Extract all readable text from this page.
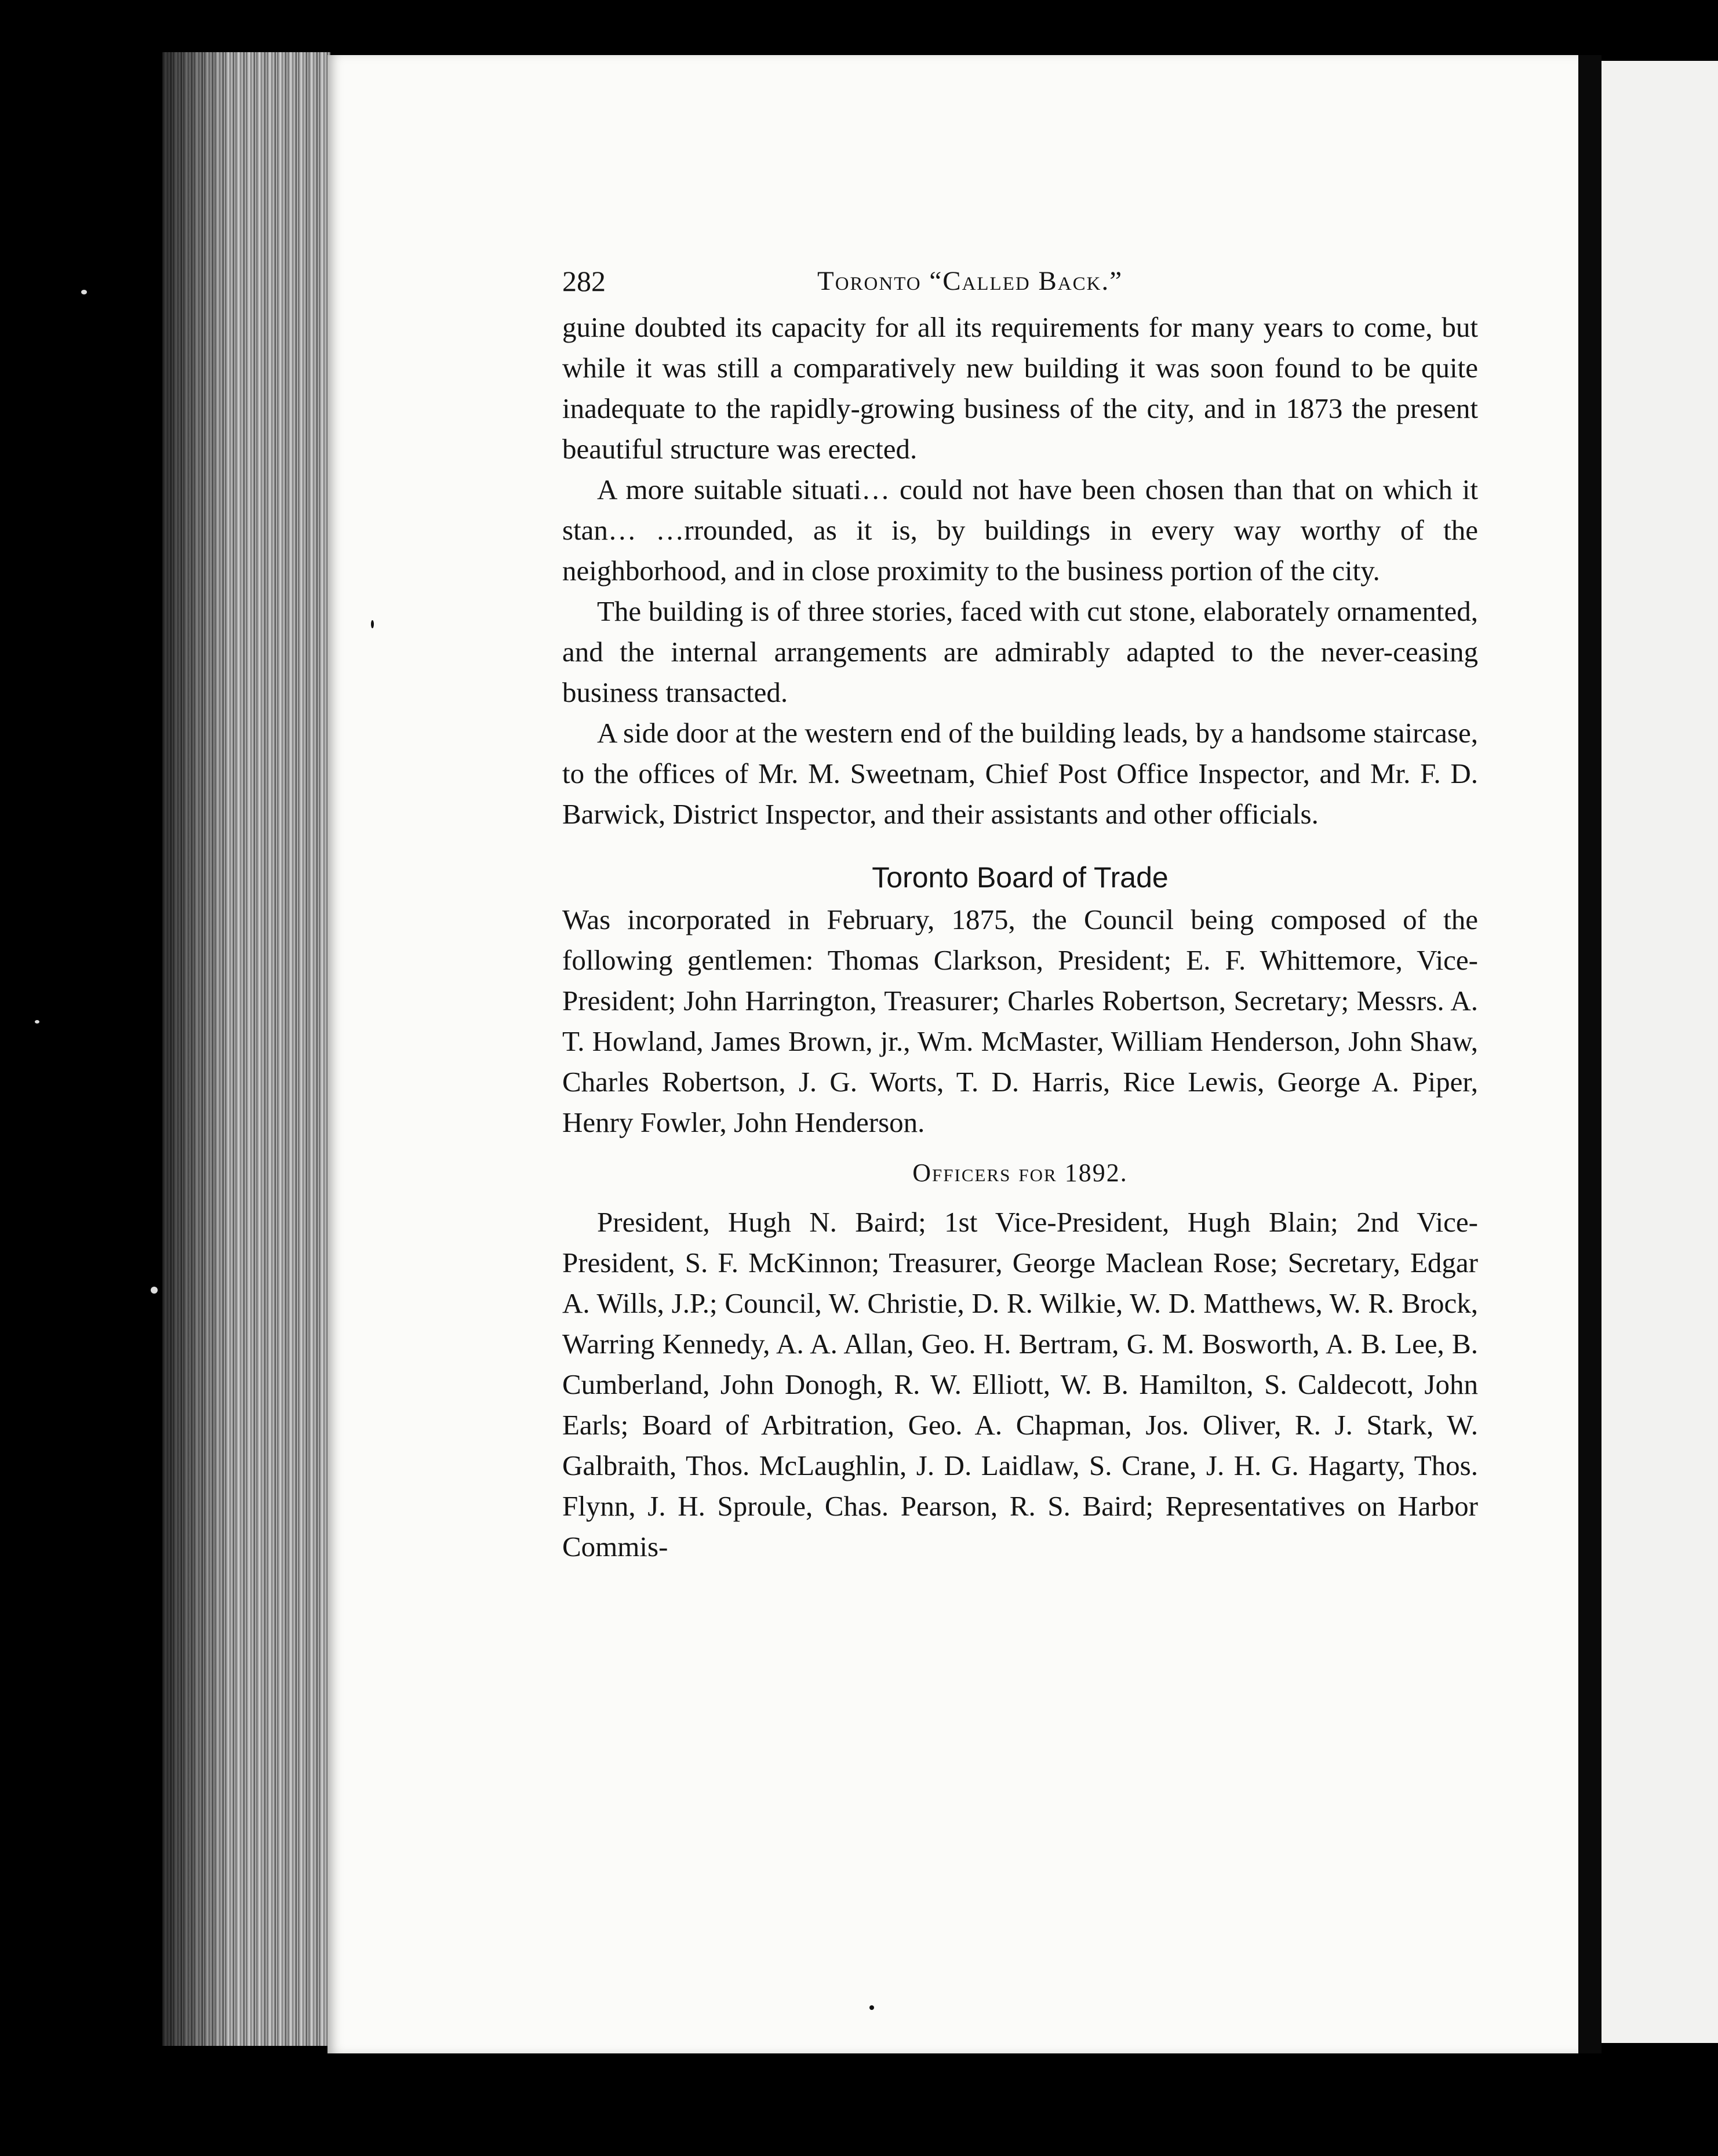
282	Toronto “Called Back.”

guine doubted its capacity for all its requirements for many years to come, but while it was still a comparatively new building it was soon found to be quite inadequate to the rapidly-growing business of the city, and in 1873 the present beautiful structure was erected.

A more suitable situati… could not have been chosen than that on which it stan… …rrounded, as it is, by buildings in every way worthy of the neighborhood, and in close proximity to the business portion of the city.

The building is of three stories, faced with cut stone, elaborately ornamented, and the internal arrangements are admirably adapted to the never-ceasing business transacted.

A side door at the western end of the building leads, by a handsome staircase, to the offices of Mr. M. Sweetnam, Chief Post Office Inspector, and Mr. F. D. Barwick, District Inspector, and their assistants and other officials.

Toronto Board of Trade

Was incorporated in February, 1875, the Council being composed of the following gentlemen: Thomas Clarkson, President; E. F. Whittemore, Vice-President; John Harrington, Treasurer; Charles Robertson, Secretary; Messrs. A. T. Howland, James Brown, jr., Wm. McMaster, William Henderson, John Shaw, Charles Robertson, J. G. Worts, T. D. Harris, Rice Lewis, George A. Piper, Henry Fowler, John Henderson.

Officers for 1892.

President, Hugh N. Baird; 1st Vice-President, Hugh Blain; 2nd Vice-President, S. F. McKinnon; Treasurer, George Maclean Rose; Secretary, Edgar A. Wills, J.P.; Council, W. Christie, D. R. Wilkie, W. D. Matthews, W. R. Brock, Warring Kennedy, A. A. Allan, Geo. H. Bertram, G. M. Bosworth, A. B. Lee, B. Cumberland, John Donogh, R. W. Elliott, W. B. Hamilton, S. Caldecott, John Earls; Board of Arbitration, Geo. A. Chapman, Jos. Oliver, R. J. Stark, W. Galbraith, Thos. McLaughlin, J. D. Laidlaw, S. Crane, J. H. G. Hagarty, Thos. Flynn, J. H. Sproule, Chas. Pearson, R. S. Baird; Representatives on Harbor Commis-
